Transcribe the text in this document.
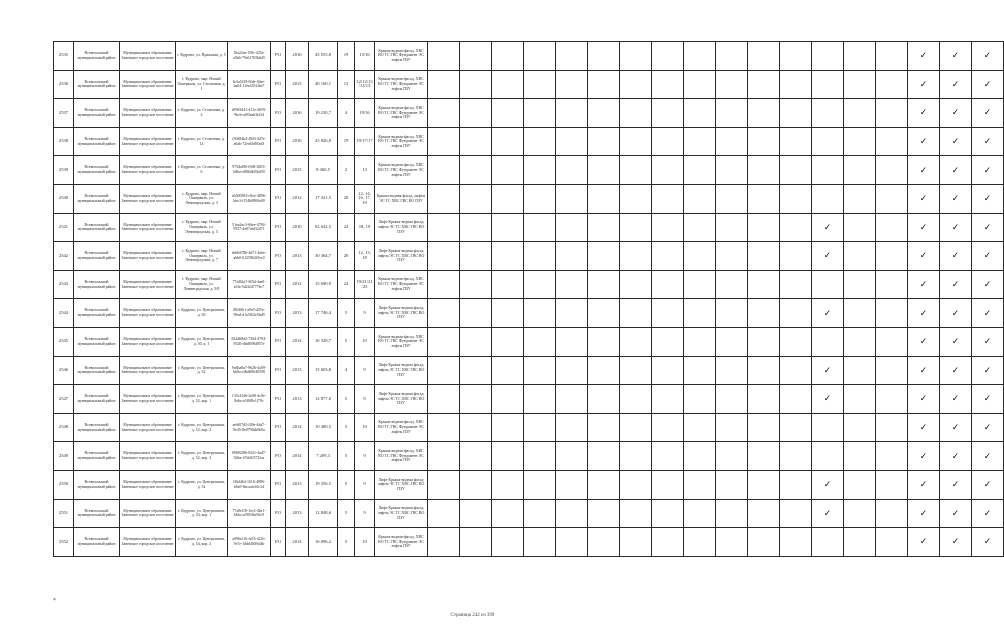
2535	Всеволожский муниципальный район	Муниципальное образование Заневское городское поселение	г. Кудрово, ул. Пражская, д. 5	16a22ae-f39c-425a-a5b6-79e61765b6d5	РО	2016	45 555,8	19	15/16	Крыша-водная-фасад, ХВС ВО ТС ГВС Фундамент ЭС лифты ПЗУ																✓	✓	✓
2536	Всеволожский муниципальный район	Муниципальное образование Заневское городское поселение	г. Кудрово, мкр. Новый Оккервиль, ул. Столичная, д. 1	6c5a5f29-0fde-40ae-ba04-11ee4352fbe7	РО	2015	40 160,1	13	12/12/13/13/13	Крыша-водная-фасад, ХВС ВО ТС ГВС Фундамент ЭС лифты ПЗУ																✓	✓	✓
2537	Всеволожский муниципальный район	Муниципальное образование Заневское городское поселение	г. Кудрово, ул. Столичная, д. 2	e8565d41-411e-4659-9bcb-af03eab3fa54	РО	2016	19 230,7	4	19/16	Крыша-водная-фасад, ХВС ВО ТС ГВС Фундамент ЭС лифты ПЗУ																✓	✓	✓
2538	Всеволожский муниципальный район	Муниципальное образование Заневское городское поселение	г. Кудрово, ул. Столичная, д. 14	f30d84b4-49f0-447e-a6ab-72ea65d9fad3	РО	2016	25 826,0	19	19/17/17	Крыша-водная-фасад, ХВС ВО ТС ГВС Фундамент ЭС лифты ПЗУ																✓	✓	✓
2539	Всеволожский муниципальный район	Муниципальное образование Заневское городское поселение	г. Кудрово, ул. Столичная, д. 6	975da8f8-f568-4653-b8ba-a886dbf5bd39	РО	2015	8 460,5	2	13	Крыша-водная-фасад, ХВС ВО ТС ГВС Фундамент ЭС лифты ПЗУ																✓	✓	✓
2540	Всеволожский муниципальный район	Муниципальное образование Заневское городское поселение	г. Кудрово, мкр. Новый Оккервиль, ул. Ленинградская, д. 3	eb500583-c8ee-4896-bbe3-f154b0869a09	РО	2012	17 321,5	20	12, 14, 16, 17, 19	Крыша-водная-фасад, лифты ЭС ТС ХВС ГВС ВО ПЗУ																✓	✓	✓
2541	Всеволожский муниципальный район	Муниципальное образование Заневское городское поселение	г. Кудрово, мкр. Новый Оккервиль, ул. Ленинградская, д. 5	51ea2ac3-66ee-4784-9557-4e07a6f32d71	РО	2010	62 642,5	24	18, 19	Лифт Крыша-водная фасад лифты ЭС ТС ХВС ГВС ВО ПЗУ													✓			✓	✓	✓
2542	Всеволожский муниципальный район	Муниципальное образование Заневское городское поселение	г. Кудрово, мкр. Новый Оккервиль, ул. Ленинградская, д. 7	ebb0d78b-4d71-4a6e-abb0-6125962f5ec0	РО	2013	30 364,7	20	12, 13, 18	Лифт Крыша-водная фасад лифты ЭС ТС ХВС ГВС ВО ПЗУ													✓			✓	✓	✓
2543	Всеволожский муниципальный район	Муниципальное образование Заневское городское поселение	г. Кудрово, мкр. Новый Оккервиль, ул. Ленинградская, д. 9/8	77fd62a7-8f5d-4ae0-a5fa-5d2f2d7776c7	РО	2012	15 690,9	24	19/21/21/25	Крыша-водная-фасад, ХВС ВО ТС ГВС Фундамент ЭС лифты ПЗУ																✓	✓	✓
2544	Всеволожский муниципальный район	Муниципальное образование Заневское городское поселение	г. Кудрово, ул. Центральная, д. 50	f8640b1-a9a5-455e-99ad-d1a5f62e5bd9	РО	2013	17 746,4	5	9	Лифт Крыша-водная фасад лифты ЭС ТС ХВС ГВС ВО ПЗУ													✓			✓	✓	✓
2545	Всеволожский муниципальный район	Муниципальное образование Заневское городское поселение	г. Кудрово, ул. Центральная, д. 50, к. 1	824d68d2-7364-4704-9526-dbd8f96f857e	РО	2014	16 328,7	5	10	Крыша-водная-фасад, ХВС ВО ТС ГВС Фундамент ЭС лифты ПЗУ																✓	✓	✓
2546	Всеволожский муниципальный район	Муниципальное образование Заневское городское поселение	г. Кудрово, ул. Центральная, д. 52	9a6ba8a7-962b-4a09-bb0a-c0bd68640590	РО	2013	15 603,8	4	9	Лифт Крыша-водная фасад лифты ЭС ТС ХВС ГВС ВО ПЗУ													✓			✓	✓	✓
2547	Всеволожский муниципальный район	Муниципальное образование Заневское городское поселение	г. Кудрово, ул. Центральная, д. 52, кор. 1	135c41d6-2e08-4c8e-8a6a-a5f0f8e1f79c	РО	2013	12 877,0	5	9	Лифт Крыша-водная фасад лифты ЭС ТС ХВС ГВС ВО ПЗУ													✓			✓	✓	✓
2548	Всеволожский муниципальный район	Муниципальное образование Заневское городское поселение	г. Кудрово, ул. Центральная, д. 52, кор. 2	ae6f07d5-f49e-4da7-9e45-8e9790ab0b0a	РО	2014	10 480,5	5	10	Крыша-водная-фасад, ХВС ВО ТС ГВС Фундамент ЭС лифты ПЗУ																✓	✓	✓
2549	Всеволожский муниципальный район	Муниципальное образование Заневское городское поселение	г. Кудрово, ул. Центральная, д. 52, кор. 3	09682f86-9241-4ad7-92ba-47dd2f572fca	РО	2014	7 209,3	5	9	Крыша-водная-фасад, ХВС ВО ТС ГВС Фундамент ЭС лифты ПЗУ																✓	✓	✓
2550	Всеволожский муниципальный район	Муниципальное образование Заневское городское поселение	г. Кудрово, ул. Центральная, д. 54	f36d4b4-1616-4886-b6a9-8acaafcb3c34	РО	2013	19 356,5	5	9	Лифт Крыша-водная фасад лифты ЭС ТС ХВС ГВС ВО ПЗУ													✓			✓	✓	✓
2551	Всеволожский муниципальный район	Муниципальное образование Заневское городское поселение	г. Кудрово, ул. Центральная, д. 54, кор. 1	77a8ef18-1ec3-4be1-b6fa-a2903fbe56c9	РО	2013	12 848,6	5	9	Лифт Крыша-водная фасад лифты ЭС ТС ХВС ГВС ВО ПЗУ													✓			✓	✓	✓
2552	Всеволожский муниципальный район	Муниципальное образование Заневское городское поселение	г. Кудрово, ул. Центральная, д. 54, кор. 2	a996a11b-fa53-421b-9e7e-1ddd4f0f6d4b	РО	2014	16 096,2	5	10	Крыша-водная-фасад, ХВС ВО ТС ГВС Фундамент ЭС лифты ПЗУ																✓	✓	✓
*
Страница 242 из 399
